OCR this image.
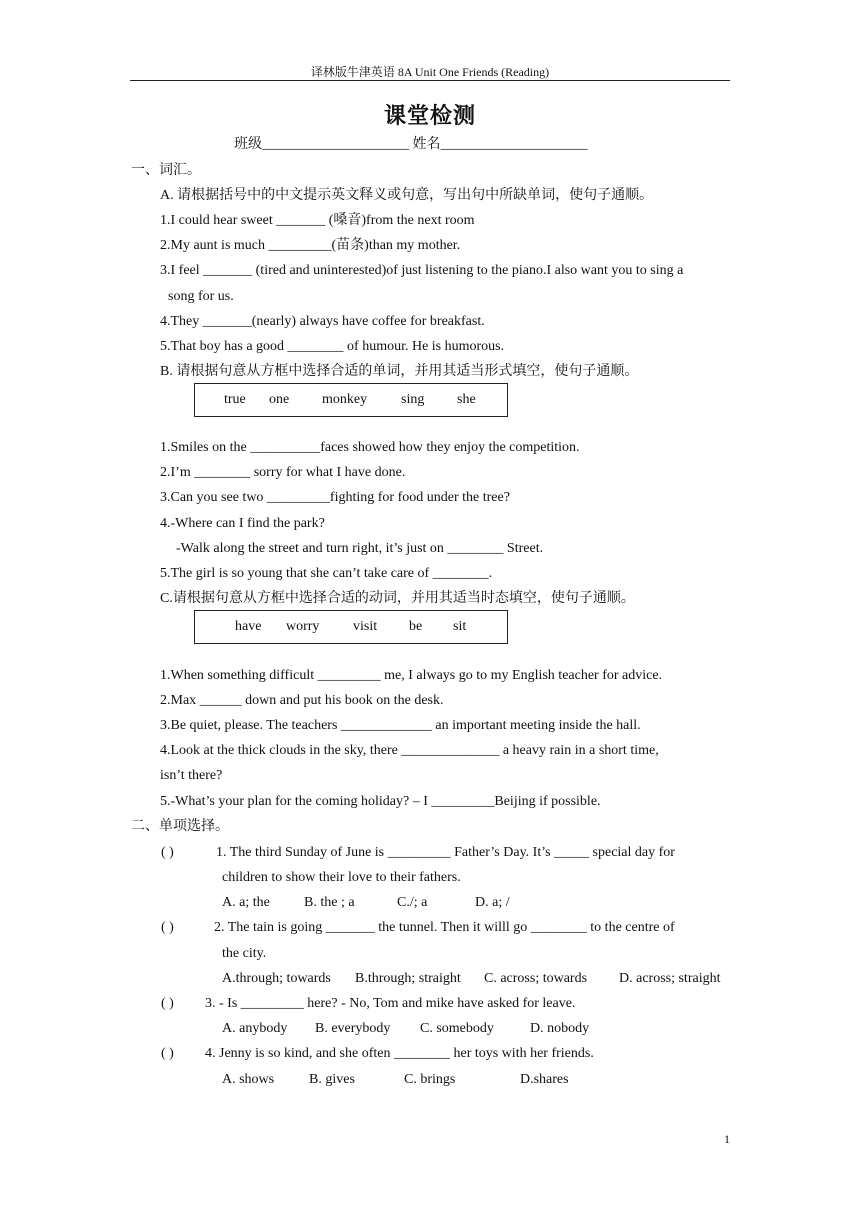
译林版牛津英语 8A Unit One Friends (Reading)
课堂检测
班级_____________________ 姓名_____________________
一、词汇。
A. 请根据括号中的中文提示英文释义或句意，写出句中所缺单词，使句子通顺。
1.I could hear sweet _______ (嗓音)from the next room
2.My aunt is much _________(苗条)than my mother.
3.I feel _______ (tired and uninterested)of just listening to the piano.I also want you to sing a
song for us.
4.They _______(nearly) always have coffee for breakfast.
5.That boy has a good ________ of humour. He is humorous.
B. 请根据句意从方框中选择合适的单词，并用其适当形式填空，使句子通顺。
true one monkey sing she
1.Smiles on the __________faces showed how they enjoy the competition.
2.I’m ________ sorry for what I have done.
3.Can you see two _________fighting for food under the tree?
4.-Where can I find the park?
-Walk along the street and turn right, it’s just on ________ Street.
5.The girl is so young that she can’t take care of ________.
C.请根据句意从方框中选择合适的动词，并用其适当时态填空，使句子通顺。
have worry visit be sit
1.When something difficult _________ me, I always go to my English teacher for advice.
2.Max ______ down and put his book on the desk.
3.Be quiet, please. The teachers _____________ an important meeting inside the hall.
4.Look at the thick clouds in the sky, there ______________ a heavy rain in a short time,
isn’t there?
5.-What’s your plan for the coming holiday? – I _________Beijing if possible.
二、单项选择。
( )	1. The third Sunday of June is _________ Father’s Day. It’s _____ special day for
children to show their love to their fathers.
A. a; the B. the ; a	C./; a	D. a; /
( )	2. The tain is going _______ the tunnel. Then it willl go ________ to the centre of
the city.
A.through; towards B.through; straight C. across; towards D. across; straight
( ) 3. - Is _________ here? - No, Tom and mike have asked for leave.
A. anybody B. everybody C. somebody	D. nobody
( ) 4. Jenny is so kind, and she often ________ her toys with her friends.
A. shows B. gives	C. brings	D.shares
1
